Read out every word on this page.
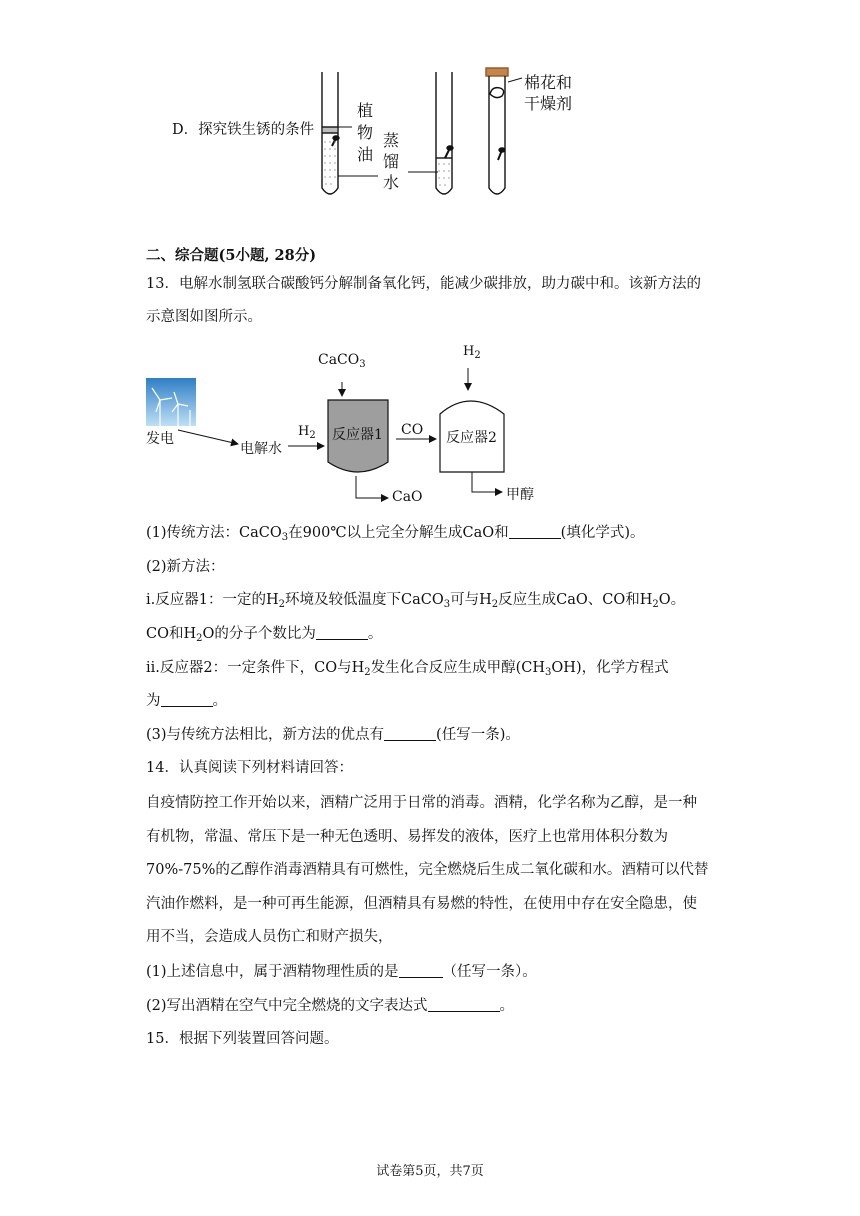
D．探究铁生锈的条件
植
物
油
蒸
馏
水
棉花和
干燥剂
二、综合题(5小题, 28分)
13．电解水制氢联合碳酸钙分解制备氧化钙，能减少碳排放，助力碳中和。该新方法的
示意图如图所示。
发电
电解水
$H_2$
CaCO$_3$
反应器1 CO 反应器2
CaO	甲醇
$H_2$
(1)传统方法：CaCO$_3$在900℃以上完全分解生成CaO和	(填化学式)。
(2)新方法：
i.反应器1：一定的$H_2$环境及较低温度下CaCO$_3$可与$H_2$反应生成CaO、CO和$H_2O$。
CO和$H_2O$的分子个数比为	。
ii.反应器2：一定条件下，CO与$H_2$发生化合反应生成甲醇$(CH_3OH)$，化学方程式
为	。
(3)与传统方法相比，新方法的优点有	(任写一条)。
14．认真阅读下列材料请回答：
自疫情防控工作开始以来，酒精广泛用于日常的消毒。酒精，化学名称为乙醇，是一种
有机物，常温、常压下是一种无色透明、易挥发的液体，医疗上也常用体积分数为
70%-75%的乙醇作消毒酒精具有可燃性，完全燃烧后生成二氧化碳和水。酒精可以代替
汽油作燃料，是一种可再生能源，但酒精具有易燃的特性，在使用中存在安全隐患，使
用不当，会造成人员伤亡和财产损失，
(1)上述信息中，属于酒精物理性质的是	（任写一条）。
(2)写出酒精在空气中完全燃烧的文字表达式	。
15．根据下列装置回答问题。
试卷第5页，共7页
